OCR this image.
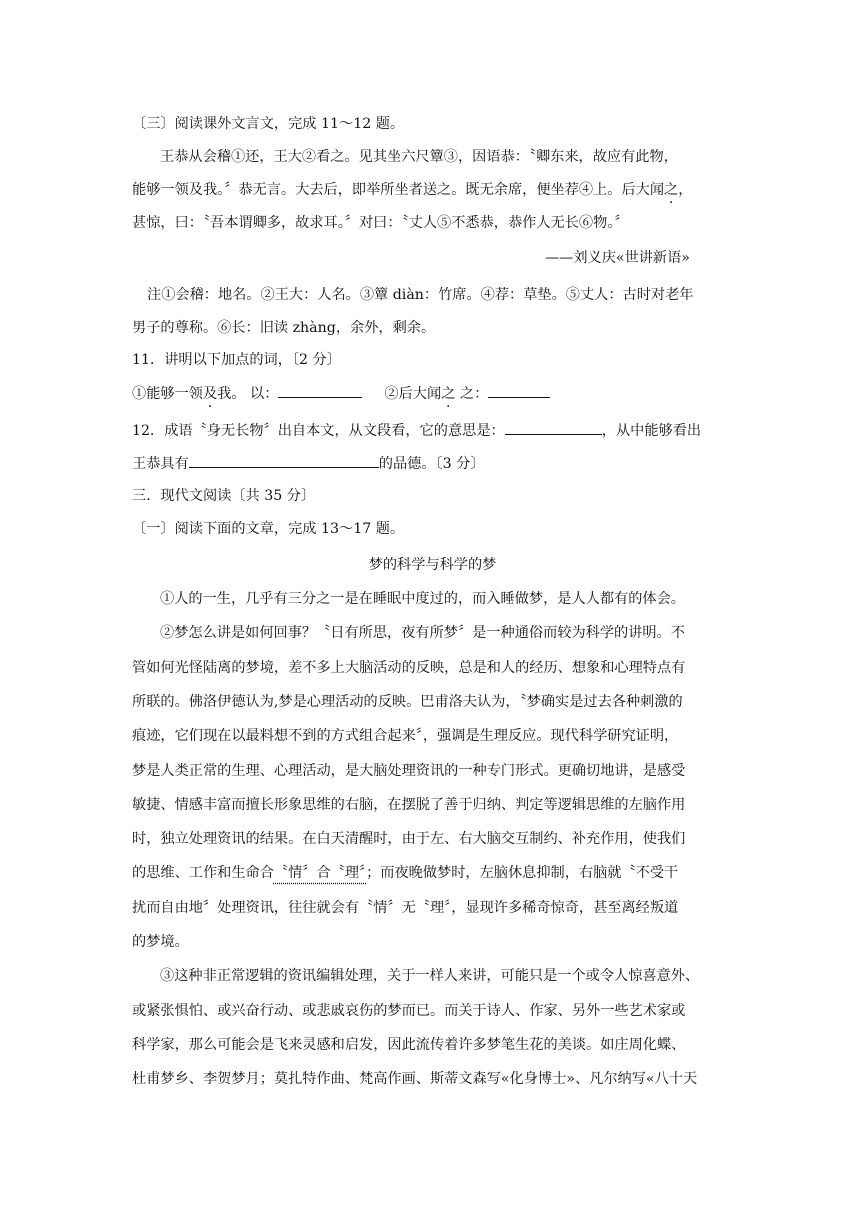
〔三〕阅读课外文言文，完成 11～12 题。
王恭从会稽①还，王大②看之。见其坐六尺簟③，因语恭：〝卿东来，故应有此物，
能够一领及我。〞恭无言。大去后，即举所坐者送之。既无余席，便坐荐④上。后大闻之，
甚惊，曰：〝吾本谓卿多，故求耳。〞对曰：〝丈人⑤不悉恭，恭作人无长⑥物。〞
——刘义庆«世讲新语»
注①会稽：地名。②王大：人名。③簟 diàn：竹席。④荐：草垫。⑤丈人：古时对老年
男子的尊称。⑥长：旧读 zhàng，余外，剩余。
11．讲明以下加点的词，〔2 分〕
①能够一领及我。 以：	②后大闻之 之：
12．成语〝身无长物〞出自本文，从文段看，它的意思是：	，从中能够看出
王恭具有	的品德。〔3 分〕
三．现代文阅读〔共 35 分〕
〔一〕阅读下面的文章，完成 13～17 题。
梦的科学与科学的梦
①人的一生，几乎有三分之一是在睡眠中度过的，而入睡做梦，是人人都有的体会。
②梦怎么讲是如何回事？〝日有所思，夜有所梦〞是一种通俗而较为科学的讲明。不
管如何光怪陆离的梦境，差不多上大脑活动的反映，总是和人的经历、想象和心理特点有
所联的。佛洛伊德认为,梦是心理活动的反映。巴甫洛夫认为，〝梦确实是过去各种刺激的
痕迹，它们现在以最料想不到的方式组合起来〞，强调是生理反应。现代科学研究证明，
梦是人类正常的生理、心理活动，是大脑处理资讯的一种专门形式。更确切地讲，是感受
敏捷、情感丰富而擅长形象思维的右脑，在摆脱了善于归纳、判定等逻辑思维的左脑作用
时，独立处理资讯的结果。在白天清醒时，由于左、右大脑交互制约、补充作用，使我们
的思维、工作和生命合〝情〞合〝理〞；而夜晚做梦时，左脑休息抑制，右脑就〝不受干
扰而自由地〞处理资讯，往往就会有〝情〞无〝理〞，显现许多稀奇惊奇，甚至离经叛道
的梦境。
③这种非正常逻辑的资讯编辑处理，关于一样人来讲，可能只是一个或令人惊喜意外、
或紧张惧怕、或兴奋行动、或悲戚哀伤的梦而已。而关于诗人、作家、另外一些艺术家或
科学家，那么可能会是飞来灵感和启发，因此流传着许多梦笔生花的美谈。如庄周化蝶、
杜甫梦乡、李贺梦月；莫扎特作曲、梵高作画、斯蒂文森写«化身博士»、凡尔纳写«八十天
